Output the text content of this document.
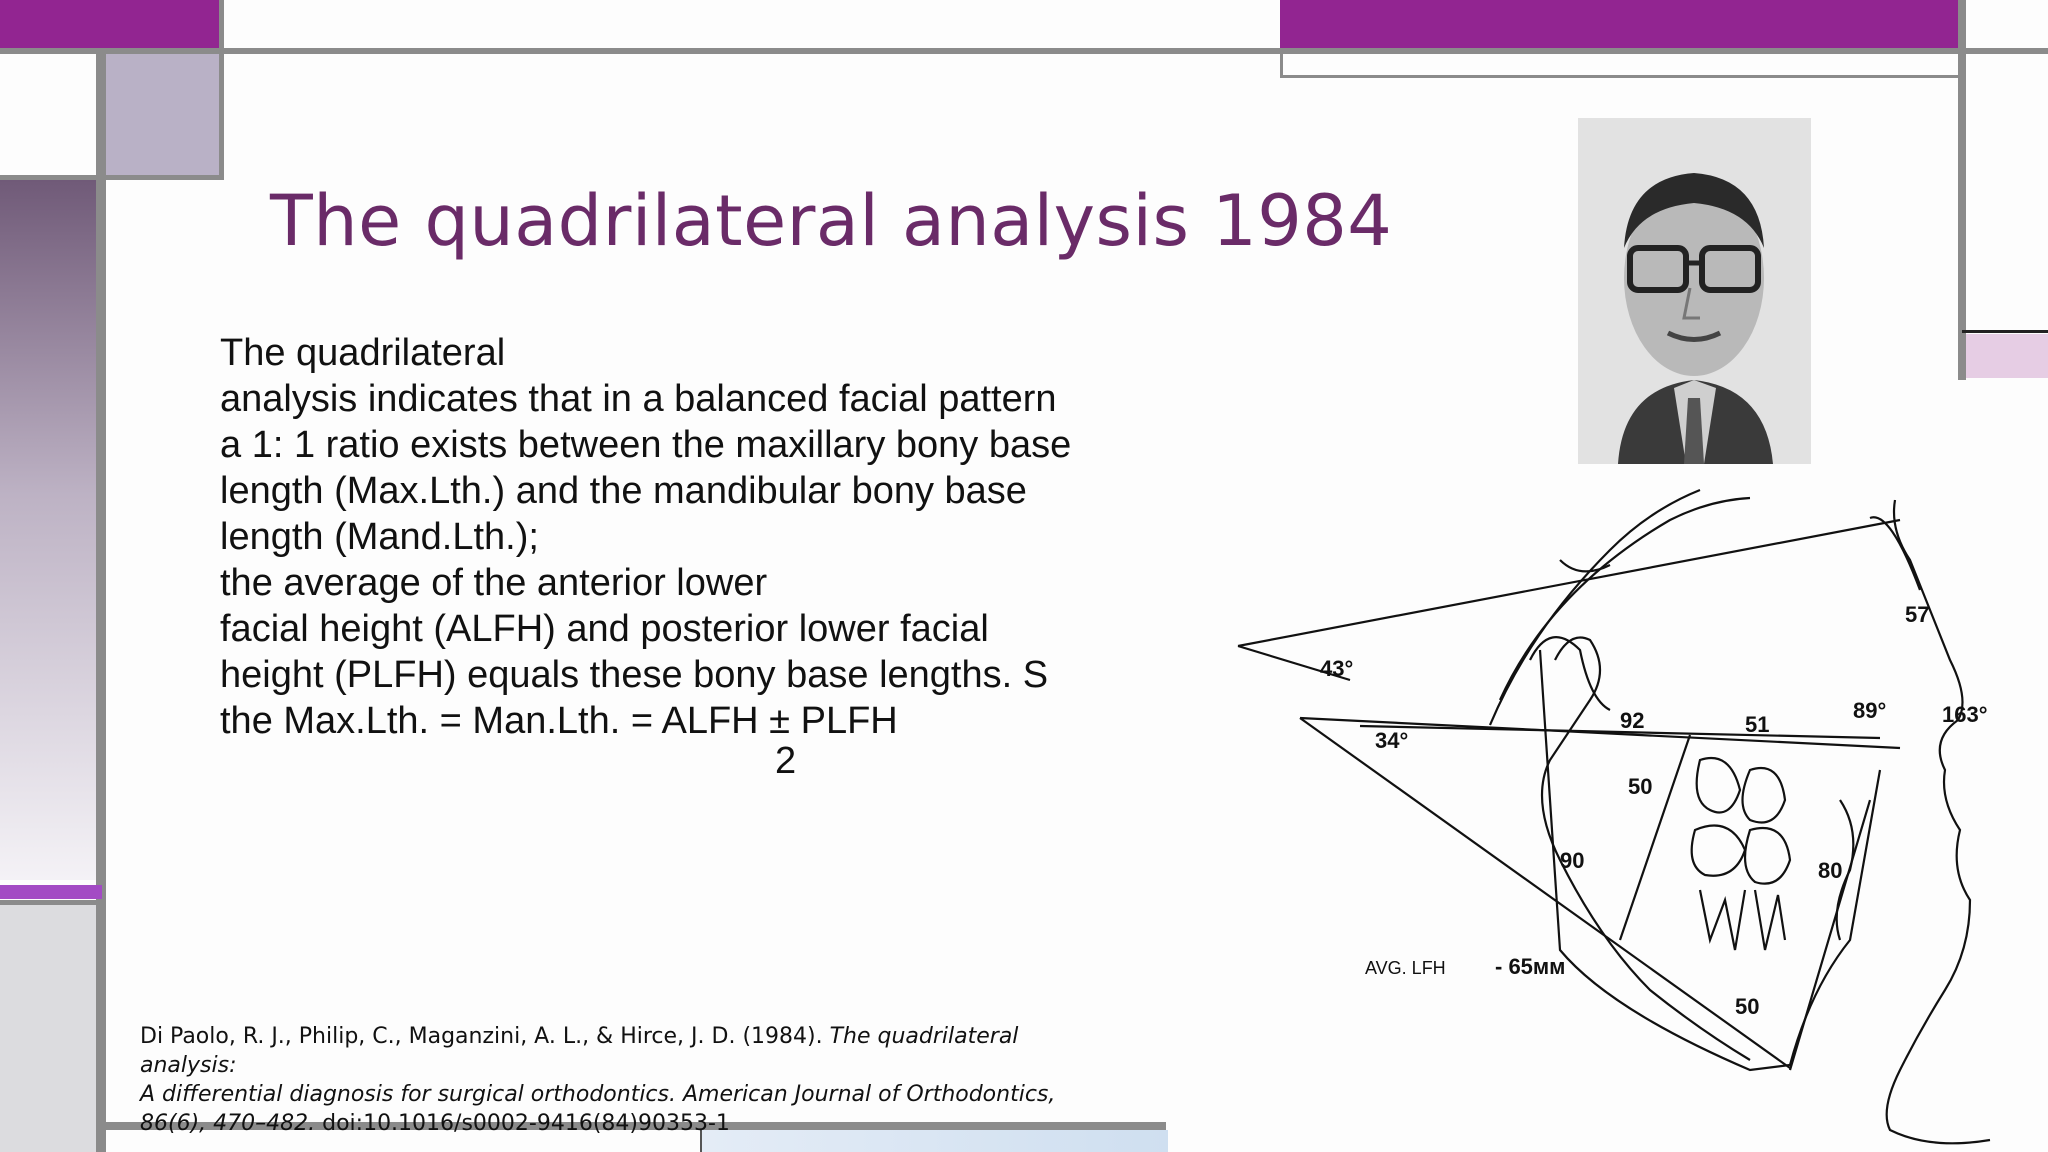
The quadrilateral analysis 1984
The quadrilateral
analysis indicates that in a balanced facial pattern
a 1: 1 ratio exists between the maxillary bony base
length (Max.Lth.) and the mandibular bony base
length (Mand.Lth.);
the average of the anterior lower
facial height (ALFH) and posterior lower facial
height (PLFH) equals these bony base lengths. S
the Max.Lth. = Man.Lth. = ALFH ± PLFH
2
Di Paolo, R. J., Philip, C., Maganzini, A. L., & Hirce, J. D. (1984). The quadrilateral analysis:
A differential diagnosis for surgical orthodontics. American Journal of Orthodontics,
86(6), 470–482. doi:10.1016/s0002-9416(84)90353-1
43°
34°
92	51
89°	163°
57
50
90	80
50
AVG. LFH - 65мм
